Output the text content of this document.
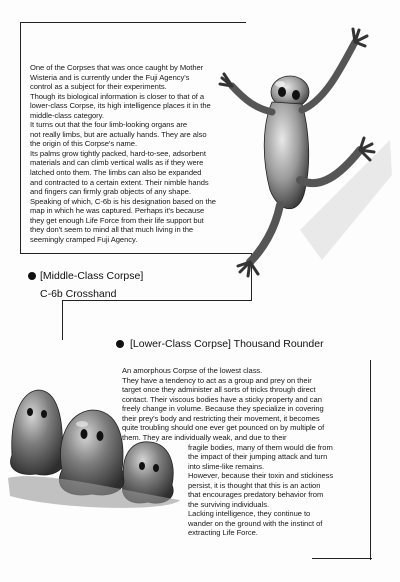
One of the Corpses that was once caught by Mother
Wisteria and is currently under the Fuji Agency's
control as a subject for their experiments.
Though its biological information is closer to that of a
lower-class Corpse, its high intelligence places it in the
middle-class category.
It turns out that the four limb-looking organs are
not really limbs, but are actually hands. They are also
the origin of this Corpse's name.
Its palms grow tightly packed, hard-to-see, adsorbent
materials and can climb vertical walls as if they were
latched onto them. The limbs can also be expanded
and contracted to a certain extent. Their nimble hands
and fingers can firmly grab objects of any shape.
Speaking of which, C-6b is his designation based on the
map in which he was captured. Perhaps it's because
they get enough Life Force from their life support but
they don't seem to mind all that much living in the
seemingly cramped Fuji Agency.
[Middle-Class Corpse]
C-6b Crosshand
[Lower-Class Corpse] Thousand Rounder
An amorphous Corpse of the lowest class.
They have a tendency to act as a group and prey on their
target once they administer all sorts of tricks through direct
contact. Their viscous bodies have a sticky property and can
freely change in volume. Because they specialize in covering
their prey's body and restricting their movement, it becomes
quite troubling should one ever get pounced on by multiple of
them. They are individually weak, and due to their
fragile bodies, many of them would die from
the impact of their jumping attack and turn
into slime-like remains.
However, because their toxin and stickiness
persist, it is thought that this is an action
that encourages predatory behavior from
the surviving individuals.
Lacking intelligence, they continue to
wander on the ground with the instinct of
extracting Life Force.
